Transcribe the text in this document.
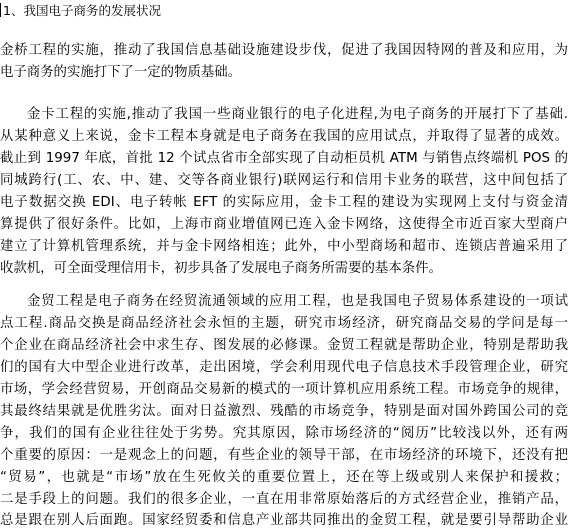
1、我国电子商务的发展状况
金桥工程的实施，推动了我国信息基础设施建设步伐，促进了我国因特网的普及和应用，为
电子商务的实施打下了一定的物质基础。
金卡工程的实施,推动了我国一些商业银行的电子化进程,为电子商务的开展打下了基础.
从某种意义上来说，金卡工程本身就是电子商务在我国的应用试点，并取得了显著的成效。
截止到 1997 年底，首批 12 个试点省市全部实现了自动柜员机 ATM 与销售点终端机 POS 的
同城跨行(工、农、中、建、交等各商业银行)联网运行和信用卡业务的联营，这中间包括了
电子数据交换 EDI、电子转帐 EFT 的实际应用，金卡工程的建设为实现网上支付与资金清
算提供了很好条件。比如，上海市商业增值网已连入金卡网络，这使得全市近百家大型商户
建立了计算机管理系统，并与金卡网络相连；此外，中小型商场和超市、连锁店普遍采用了
收款机，可全面受理信用卡，初步具备了发展电子商务所需要的基本条件。
金贸工程是电子商务在经贸流通领域的应用工程，也是我国电子贸易体系建设的一项试
点工程.商品交换是商品经济社会永恒的主题，研究市场经济，研究商品交易的学问是每一
个企业在商品经济社会中求生存、图发展的必修课。金贸工程就是帮助企业，特别是帮助我
们的国有大中型企业进行改革，走出困境，学会利用现代电子信息技术手段管理企业，研究
市场，学会经营贸易，开创商品交易新的模式的一项计算机应用系统工程。市场竞争的规律，
其最终结果就是优胜劣汰。面对日益激烈、残酷的市场竞争，特别是面对国外跨国公司的竞
争，我们的国有企业往往处于劣势。究其原因，除市场经济的“阅历”比较浅以外，还有两
个重要的原因：一是观念上的问题，有些企业的领导干部，在市场经济的环境下，还没有把
“贸易”，也就是“市场”放在生死攸关的重要位置上，还在等上级或别人来保护和援救；
二是手段上的问题。我们的很多企业，一直在用非常原始落后的方式经营企业，推销产品，
总是跟在别人后面跑。国家经贸委和信息产业部共同推出的金贸工程，就是要引导帮助企业
